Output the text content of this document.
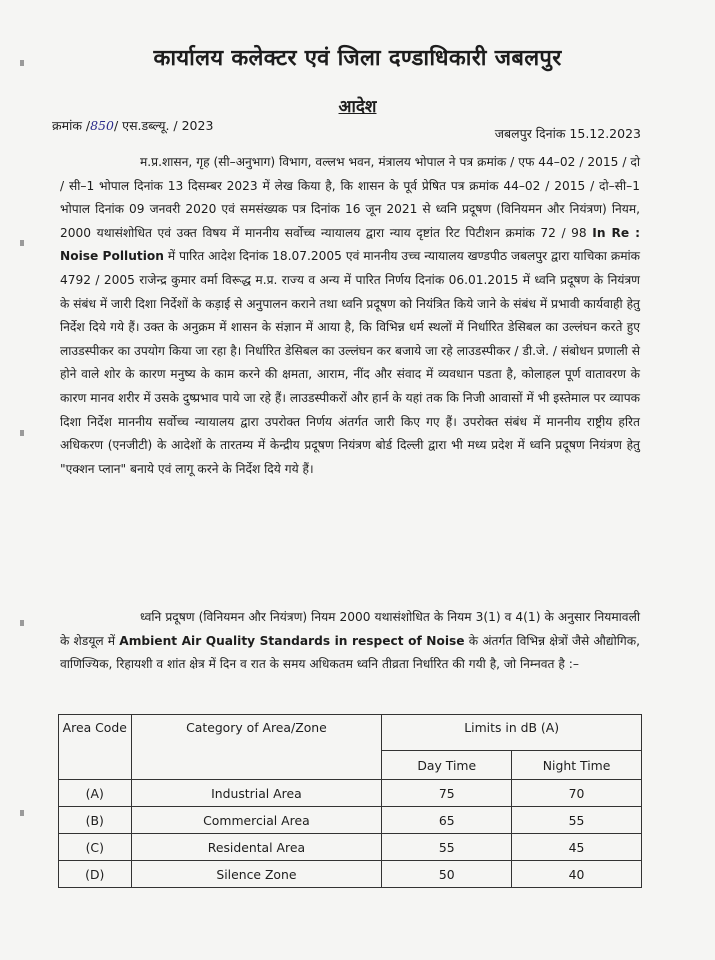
कार्यालय कलेक्टर एवं जिला दण्डाधिकारी जबलपुर
आदेश
क्रमांक /850/ एस.डब्ल्यू. / 2023
जबलपुर दिनांक 15.12.2023
म.प्र.शासन, गृह (सी–अनुभाग) विभाग, वल्लभ भवन, मंत्रालय भोपाल ने पत्र क्रमांक / एफ 44–02 / 2015 / दो / सी–1 भोपाल दिनांक 13 दिसम्बर 2023 में लेख किया है, कि शासन के पूर्व प्रेषित पत्र क्रमांक 44–02 / 2015 / दो–सी–1 भोपाल दिनांक 09 जनवरी 2020 एवं समसंख्यक पत्र दिनांक 16 जून 2021 से ध्वनि प्रदूषण (विनियमन और नियंत्रण) नियम, 2000 यथासंशोधित एवं उक्त विषय में माननीय सर्वोच्च न्यायालय द्वारा न्याय दृष्टांत रिट पिटीशन क्रमांक 72 / 98 In Re : Noise Pollution में पारित आदेश दिनांक 18.07.2005 एवं माननीय उच्च न्यायालय खण्डपीठ जबलपुर द्वारा याचिका क्रमांक 4792 / 2005 राजेन्द्र कुमार वर्मा विरूद्ध म.प्र. राज्य व अन्य में पारित निर्णय दिनांक 06.01.2015 में ध्वनि प्रदूषण के नियंत्रण के संबंध में जारी दिशा निर्देशों के कड़ाई से अनुपालन कराने तथा ध्वनि प्रदूषण को नियंत्रित किये जाने के संबंध में प्रभावी कार्यवाही हेतु निर्देश दिये गये हैं। उक्त के अनुक्रम में शासन के संज्ञान में आया है, कि विभिन्न धर्म स्थलों में निर्धारित डेसिबल का उल्लंघन करते हुए लाउडस्पीकर का उपयोग किया जा रहा है। निर्धारित डेसिबल का उल्लंघन कर बजाये जा रहे लाउडस्पीकर / डी.जे. / संबोधन प्रणाली से होने वाले शोर के कारण मनुष्य के काम करने की क्षमता, आराम, नींद और संवाद में व्यवधान पडता है, कोलाहल पूर्ण वातावरण के कारण मानव शरीर में उसके दुष्प्रभाव पाये जा रहे हैं। लाउडस्पीकरों और हार्न के यहां तक कि निजी आवासों में भी इस्तेमाल पर व्यापक दिशा निर्देश माननीय सर्वोच्च न्यायालय द्वारा उपरोक्त निर्णय अंतर्गत जारी किए गए हैं। उपरोक्त संबंध में माननीय राष्ट्रीय हरित अधिकरण (एनजीटी) के आदेशों के तारतम्य में केन्द्रीय प्रदूषण नियंत्रण बोर्ड दिल्ली द्वारा भी मध्य प्रदेश में ध्वनि प्रदूषण नियंत्रण हेतु "एक्शन प्लान" बनाये एवं लागू करने के निर्देश दिये गये हैं।
ध्वनि प्रदूषण (विनियमन और नियंत्रण) नियम 2000 यथासंशोधित के नियम 3(1) व 4(1) के अनुसार नियमावली के शेडयूल में Ambient Air Quality Standards in respect of Noise के अंतर्गत विभिन्न क्षेत्रों जैसे औद्योगिक, वाणिज्यिक, रिहायशी व शांत क्षेत्र में दिन व रात के समय अधिकतम ध्वनि तीव्रता निर्धारित की गयी है, जो निम्नवत है :–
Area Code	Category of Area/Zone	Limits in dB (A)	
		Day Time	Night Time
(A)	Industrial Area	75	70
(B)	Commercial Area	65	55
(C)	Residental Area	55	45
(D)	Silence Zone	50	40
